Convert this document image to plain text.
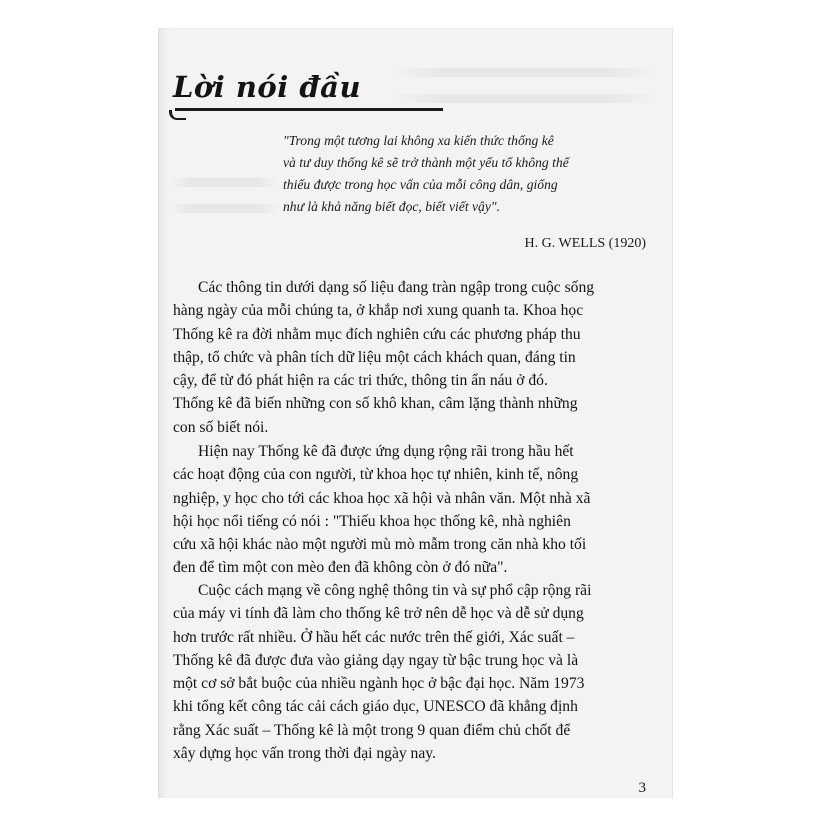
Lời nói đầu

"Trong một tương lai không xa kiến thức thống kê
và tư duy thống kê sẽ trở thành một yếu tố không thể
thiếu được trong học vấn của mỗi công dân, giống
như là khả năng biết đọc, biết viết vậy".

H. G. WELLS (1920)

Các thông tin dưới dạng số liệu đang tràn ngập trong cuộc sống
hàng ngày của mỗi chúng ta, ở khắp nơi xung quanh ta. Khoa học
Thống kê ra đời nhằm mục đích nghiên cứu các phương pháp thu
thập, tổ chức và phân tích dữ liệu một cách khách quan, đáng tin
cậy, để từ đó phát hiện ra các tri thức, thông tin ẩn náu ở đó.
Thống kê đã biến những con số khô khan, câm lặng thành những
con số biết nói.

Hiện nay Thống kê đã được ứng dụng rộng rãi trong hầu hết
các hoạt động của con người, từ khoa học tự nhiên, kinh tế, nông
nghiệp, y học cho tới các khoa học xã hội và nhân văn. Một nhà xã
hội học nổi tiếng có nói : "Thiếu khoa học thống kê, nhà nghiên
cứu xã hội khác nào một người mù mò mẫm trong căn nhà kho tối
đen để tìm một con mèo đen đã không còn ở đó nữa".

Cuộc cách mạng về công nghệ thông tin và sự phổ cập rộng rãi
của máy vi tính đã làm cho thống kê trở nên dễ học và dễ sử dụng
hơn trước rất nhiều. Ở hầu hết các nước trên thế giới, Xác suất –
Thống kê đã được đưa vào giảng dạy ngay từ bậc trung học và là
một cơ sở bắt buộc của nhiều ngành học ở bậc đại học. Năm 1973
khi tổng kết công tác cải cách giáo dục, UNESCO đã khẳng định
rằng Xác suất – Thống kê là một trong 9 quan điểm chủ chốt để
xây dựng học vấn trong thời đại ngày nay.

3
